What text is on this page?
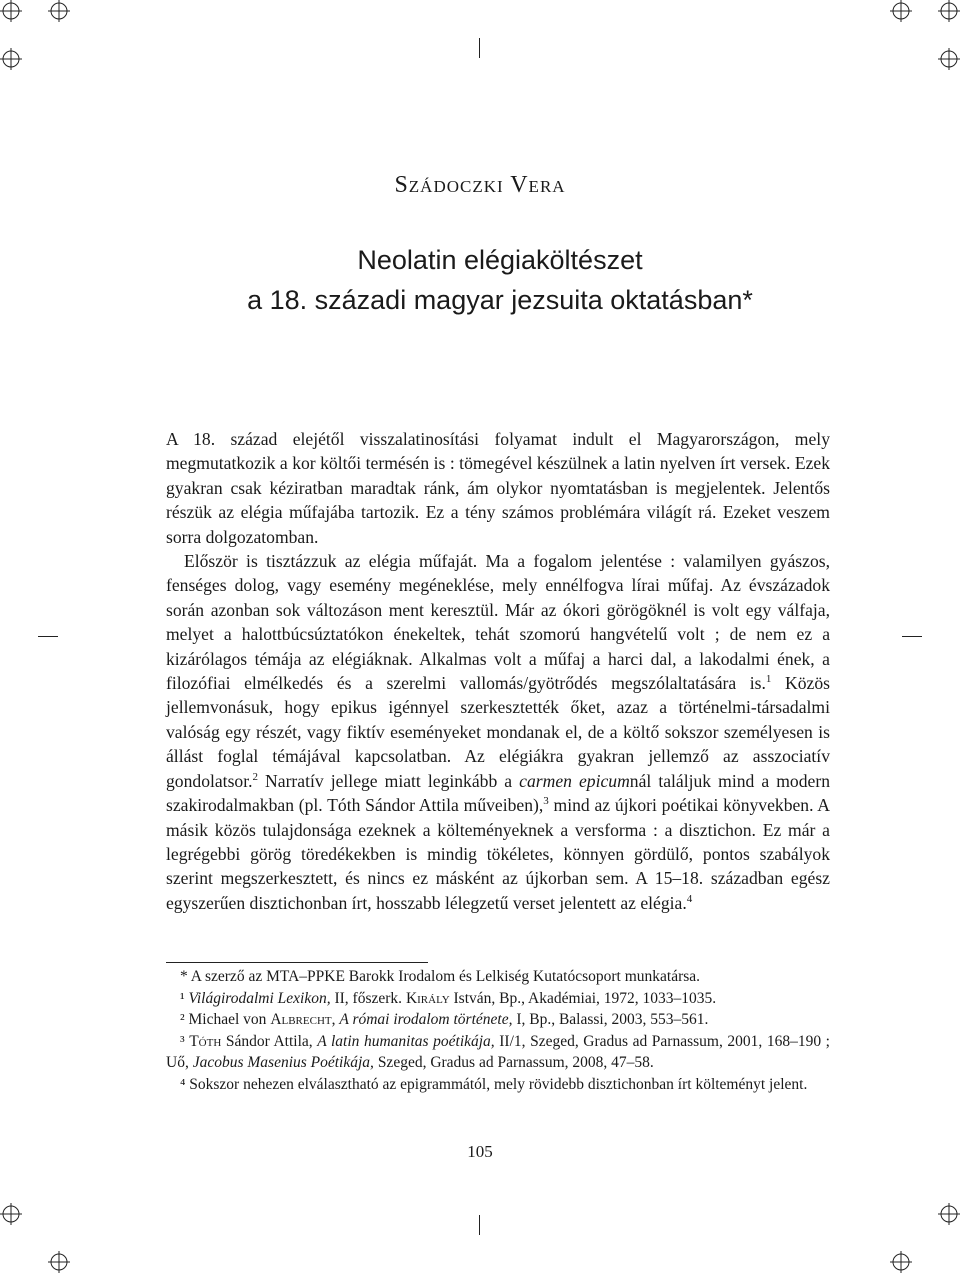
Szádoczki Vera
Neolatin elégiaköltészet
a 18. századi magyar jezsuita oktatásban*

A 18. század elejétől visszalatinosítási folyamat indult el Magyarországon, mely megmutatkozik a kor költői termésén is : tömegével készülnek a latin nyelven írt versek. Ezek gyakran csak kéziratban maradtak ránk, ám olykor nyomtatásban is megjelentek. Jelentős részük az elégia műfajába tartozik. Ez a tény számos problémára világít rá. Ezeket veszem sorra dolgozatomban.

Először is tisztázzuk az elégia műfaját. Ma a fogalom jelentése : valamilyen gyászos, fenséges dolog, vagy esemény megéneklése, mely ennélfogva lírai műfaj. Az évszázadok során azonban sok változáson ment keresztül. Már az ókori görögöknél is volt egy válfaja, melyet a halottbúcsúztatókon énekeltek, tehát szomorú hangvételű volt ; de nem ez a kizárólagos témája az elégiáknak. Alkalmas volt a műfaj a harci dal, a lakodalmi ének, a filozófiai elmélkedés és a szerelmi vallomás/gyötrődés megszólaltatására is.$^1$ Közös jellemvonásuk, hogy epikus igénnyel szerkesztették őket, azaz a történelmi-társadalmi valóság egy részét, vagy fiktív eseményeket mondanak el, de a költő sokszor személyesen is állást foglal témájával kapcsolatban. Az elégiákra gyakran jellemző az asszociatív gondolatsor.$^2$ Narratív jellege miatt leginkább a carmen epicumnál találjuk mind a modern szakirodalmakban (pl. Tóth Sándor Attila műveiben),$^3$ mind az újkori poétikai könyvekben. A másik közös tulajdonsága ezeknek a költeményeknek a versforma : a disztichon. Ez már a legrégebbi görög töredékekben is mindig tökéletes, könnyen gördülő, pontos szabályok szerint megszerkesztett, és nincs ez másként az újkorban sem. A 15–18. században egész egyszerűen disztichonban írt, hosszabb lélegzetű verset jelentett az elégia.$^4$

* A szerző az MTA–PPKE Barokk Irodalom és Lelkiség Kutatócsoport munkatársa.

¹ Világirodalmi Lexikon, II, főszerk. Király István, Bp., Akadémiai, 1972, 1033–1035.

² Michael von Albrecht, A római irodalom története, I, Bp., Balassi, 2003, 553–561.

³ Tóth Sándor Attila, A latin humanitas poétikája, II/1, Szeged, Gradus ad Parnassum, 2001, 168–190 ; Uő, Jacobus Masenius Poétikája, Szeged, Gradus ad Parnassum, 2008, 47–58.

⁴ Sokszor nehezen elválasztható az epigrammától, mely rövidebb disztichonban írt költeményt jelent.

105
